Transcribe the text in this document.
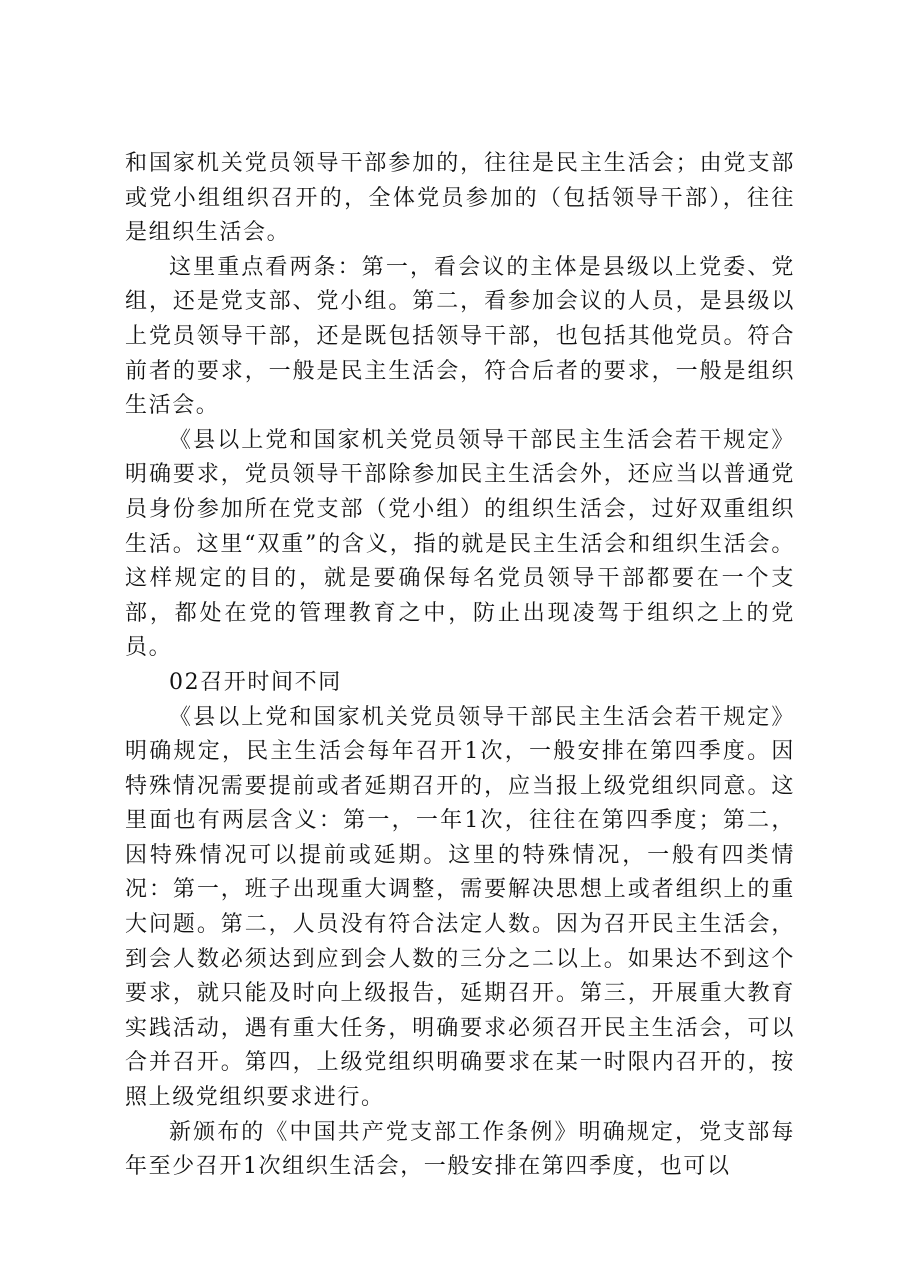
和国家机关党员领导干部参加的，往往是民主生活会；由党支部或党小组组织召开的，全体党员参加的（包括领导干部），往往是组织生活会。

这里重点看两条：第一，看会议的主体是县级以上党委、党组，还是党支部、党小组。第二，看参加会议的人员，是县级以上党员领导干部，还是既包括领导干部，也包括其他党员。符合前者的要求，一般是民主生活会，符合后者的要求，一般是组织生活会。

《县以上党和国家机关党员领导干部民主生活会若干规定》明确要求，党员领导干部除参加民主生活会外，还应当以普通党员身份参加所在党支部（党小组）的组织生活会，过好双重组织生活。这里“双重”的含义，指的就是民主生活会和组织生活会。这样规定的目的，就是要确保每名党员领导干部都要在一个支部，都处在党的管理教育之中，防止出现凌驾于组织之上的党员。

02召开时间不同

《县以上党和国家机关党员领导干部民主生活会若干规定》明确规定，民主生活会每年召开1次，一般安排在第四季度。因特殊情况需要提前或者延期召开的，应当报上级党组织同意。这里面也有两层含义：第一，一年1次，往往在第四季度；第二，因特殊情况可以提前或延期。这里的特殊情况，一般有四类情况：第一，班子出现重大调整，需要解决思想上或者组织上的重大问题。第二，人员没有符合法定人数。因为召开民主生活会，到会人数必须达到应到会人数的三分之二以上。如果达不到这个要求，就只能及时向上级报告，延期召开。第三，开展重大教育实践活动，遇有重大任务，明确要求必须召开民主生活会，可以合并召开。第四，上级党组织明确要求在某一时限内召开的，按照上级党组织要求进行。

新颁布的《中国共产党支部工作条例》明确规定，党支部每年至少召开1次组织生活会，一般安排在第四季度，也可以
